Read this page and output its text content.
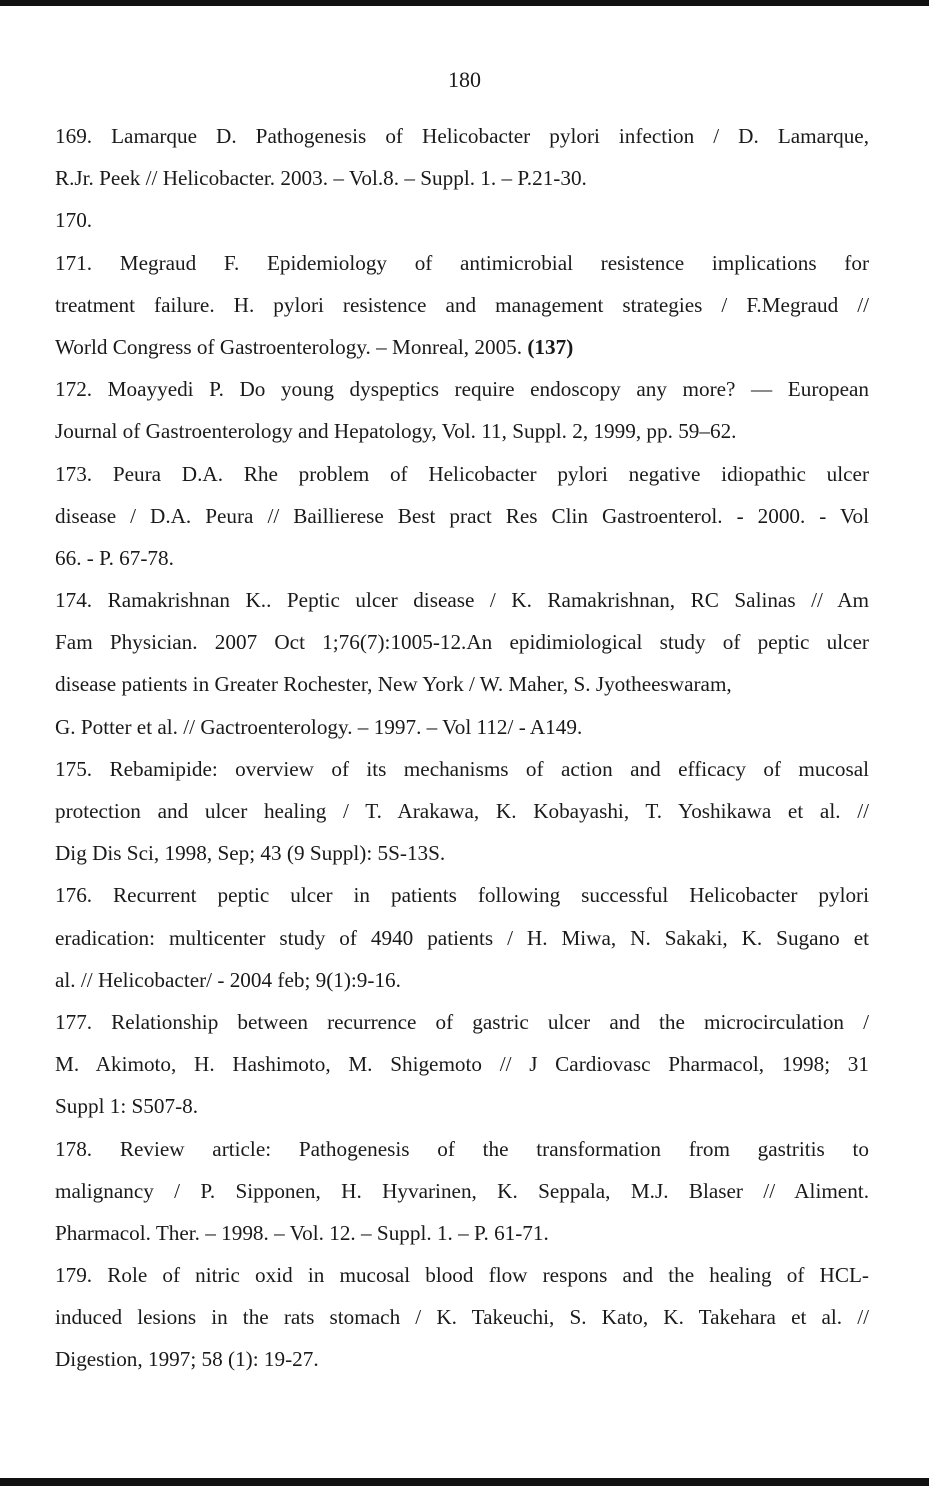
180
169. Lamarque D. Pathogenesis of Helicobacter pylori infection / D. Lamarque,
R.Jr. Peek // Helicobacter. 2003. – Vol.8. – Suppl. 1. – P.21-30.
170.
171. Megraud F. Epidemiology of antimicrobial resistence implications for
treatment failure. H. pylori resistence and management strategies / F.Megraud //
World Congress of Gastroenterology. – Monreal, 2005. (137)
172. Moayyedi P. Do young dyspeptics require endoscopy any more? — European
Journal of Gastroenterology and Hepatology, Vol. 11, Suppl. 2, 1999, pp. 59–62.
173. Peura D.A. Rhe problem of Helicobacter pylori negative idiopathic ulcer
disease / D.A. Peura // Baillierese Best pract Res Clin Gastroenterol. - 2000. - Vol
66. - P. 67-78.
174. Ramakrishnan K.. Peptic ulcer disease / K. Ramakrishnan, RC Salinas // Am
Fam Physician. 2007 Oct 1;76(7):1005-12.An epidimiological study of peptic ulcer
disease patients in Greater Rochester, New York / W. Maher, S. Jyotheeswaram,
G. Potter et al. // Gactroenterology. – 1997. – Vol 112/ - A149.
175. Rebamipide: overview of its mechanisms of action and efficacy of mucosal
protection and ulcer healing / T. Arakawa, K. Kobayashi, T. Yoshikawa et al. //
Dig Dis Sci, 1998, Sep; 43 (9 Suppl): 5S-13S.
176. Recurrent peptic ulcer in patients following successful Helicobacter pylori
eradication: multicenter study of 4940 patients / H. Miwa, N. Sakaki, K. Sugano et
al. // Helicobacter/ - 2004 feb; 9(1):9-16.
177. Relationship between recurrence of gastric ulcer and the microcirculation /
M. Akimoto, H. Hashimoto, M. Shigemoto // J Cardiovasc Pharmacol, 1998; 31
Suppl 1: S507-8.
178. Review article: Pathogenesis of the transformation from gastritis to
malignancy / P. Sipponen, H. Hyvarinen, K. Seppala, M.J. Blaser // Aliment.
Pharmacol. Ther. – 1998. – Vol. 12. – Suppl. 1. – P. 61-71.
179. Role of nitric oxid in mucosal blood flow respons and the healing of HCL-
induced lesions in the rats stomach / K. Takeuchi, S. Kato, K. Takehara et al. //
Digestion, 1997; 58 (1): 19-27.
